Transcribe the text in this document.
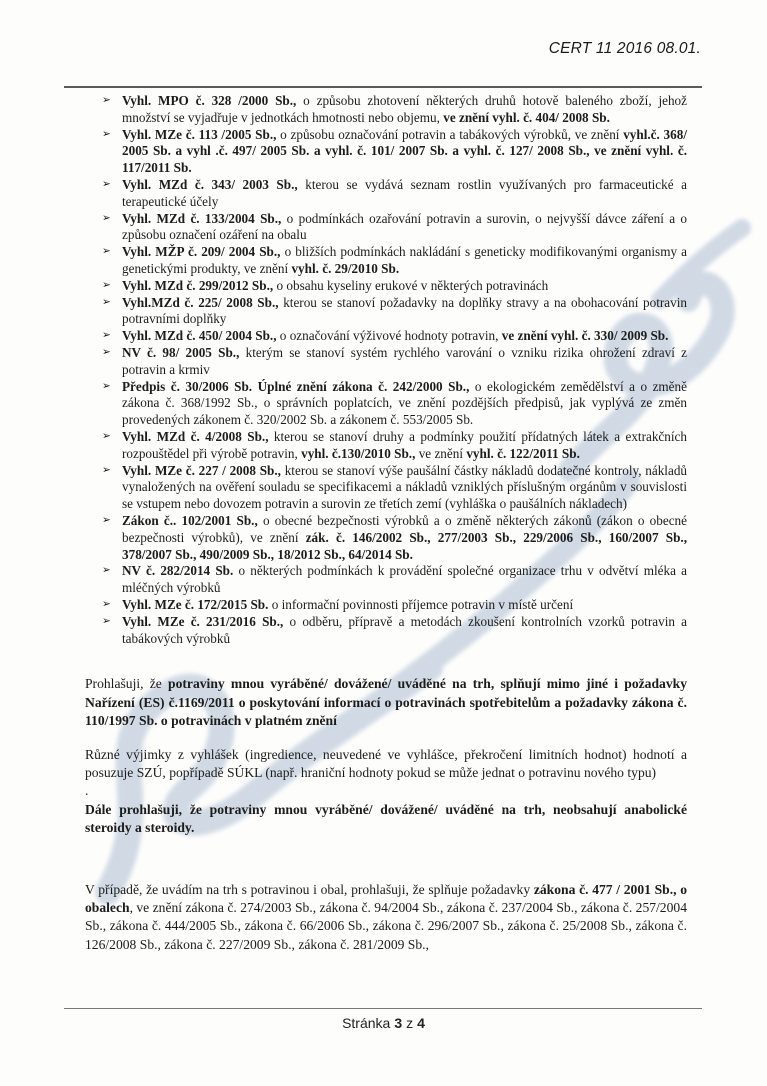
CERT 11 2016 08.01.
➢ Vyhl. MPO č. 328 /2000 Sb., o způsobu zhotovení některých druhů hotově baleného zboží, jehož množství se vyjadřuje v jednotkách hmotnosti nebo objemu, ve znění vyhl. č. 404/ 2008 Sb.
➢ Vyhl. MZe č. 113 /2005 Sb., o způsobu označování potravin a tabákových výrobků, ve znění vyhl.č. 368/ 2005 Sb. a vyhl .č. 497/ 2005 Sb. a vyhl. č. 101/ 2007 Sb. a vyhl. č. 127/ 2008 Sb., ve znění vyhl. č. 117/2011 Sb.
➢ Vyhl. MZd č. 343/ 2003 Sb., kterou se vydává seznam rostlin využívaných pro farmaceutické a terapeutické účely
➢ Vyhl. MZd č. 133/2004 Sb., o podmínkách ozařování potravin a surovin, o nejvyšší dávce záření a o způsobu označení ozáření na obalu
➢ Vyhl. MŽP č. 209/ 2004 Sb., o bližších podmínkách nakládání s geneticky modifikovanými organismy a genetickými produkty, ve znění vyhl. č. 29/2010 Sb.
➢ Vyhl. MZd č. 299/2012 Sb., o obsahu kyseliny erukové v některých potravinách
➢ Vyhl.MZd č. 225/ 2008 Sb., kterou se stanoví požadavky na doplňky stravy a na obohacování potravin potravními doplňky
➢ Vyhl. MZd č. 450/ 2004 Sb., o označování výživové hodnoty potravin, ve znění vyhl. č. 330/ 2009 Sb.
➢ NV č. 98/ 2005 Sb., kterým se stanoví systém rychlého varování o vzniku rizika ohrožení zdraví z potravin a krmiv
➢ Předpis č. 30/2006 Sb. Úplné znění zákona č. 242/2000 Sb., o ekologickém zemědělství a o změně zákona č. 368/1992 Sb., o správních poplatcích, ve znění pozdějších předpisů, jak vyplývá ze změn provedených zákonem č. 320/2002 Sb. a zákonem č. 553/2005 Sb.
➢ Vyhl. MZd č. 4/2008 Sb., kterou se stanoví druhy a podmínky použití přídatných látek a extrakčních rozpouštědel při výrobě potravin, vyhl. č.130/2010 Sb., ve znění vyhl. č. 122/2011 Sb.
➢ Vyhl. MZe č. 227 / 2008 Sb., kterou se stanoví výše paušální částky nákladů dodatečné kontroly, nákladů vynaložených na ověření souladu se specifikacemi a nákladů vzniklých příslušným orgánům v souvislosti se vstupem nebo dovozem potravin a surovin ze třetích zemí (vyhláška o paušálních nákladech)
➢ Zákon č.. 102/2001 Sb., o obecné bezpečnosti výrobků a o změně některých zákonů (zákon o obecné bezpečnosti výrobků), ve znění zák. č. 146/2002 Sb., 277/2003 Sb., 229/2006 Sb., 160/2007 Sb., 378/2007 Sb., 490/2009 Sb., 18/2012 Sb., 64/2014 Sb.
➢ NV č. 282/2014 Sb. o některých podmínkách k provádění společné organizace trhu v odvětví mléka a mléčných výrobků
➢ Vyhl. MZe č. 172/2015 Sb. o informační povinnosti příjemce potravin v místě určení
➢ Vyhl. MZe č. 231/2016 Sb., o odběru, přípravě a metodách zkoušení kontrolních vzorků potravin a tabákových výrobků

Prohlašuji, že potraviny mnou vyráběné/ dovážené/ uváděné na trh, splňují mimo jiné i požadavky Nařízení (ES) č.1169/2011 o poskytování informací o potravinách spotřebitelům a požadavky zákona č. 110/1997 Sb. o potravinách v platném znění

Různé výjimky z vyhlášek (ingredience, neuvedené ve vyhlášce, překročení limitních hodnot) hodnotí a posuzuje SZÚ, popřípadě SÚKL (např. hraniční hodnoty pokud se může jednat o potravinu nového typu)

.

Dále prohlašuji, že potraviny mnou vyráběné/ dovážené/ uváděné na trh, neobsahují anabolické steroidy a steroidy.

V případě, že uvádím na trh s potravinou i obal, prohlašuji, že splňuje požadavky zákona č. 477 / 2001 Sb., o obalech, ve znění zákona č. 274/2003 Sb., zákona č. 94/2004 Sb., zákona č. 237/2004 Sb., zákona č. 257/2004 Sb., zákona č. 444/2005 Sb., zákona č. 66/2006 Sb., zákona č. 296/2007 Sb., zákona č. 25/2008 Sb., zákona č. 126/2008 Sb., zákona č. 227/2009 Sb., zákona č. 281/2009 Sb.,

Stránka 3 z 4
